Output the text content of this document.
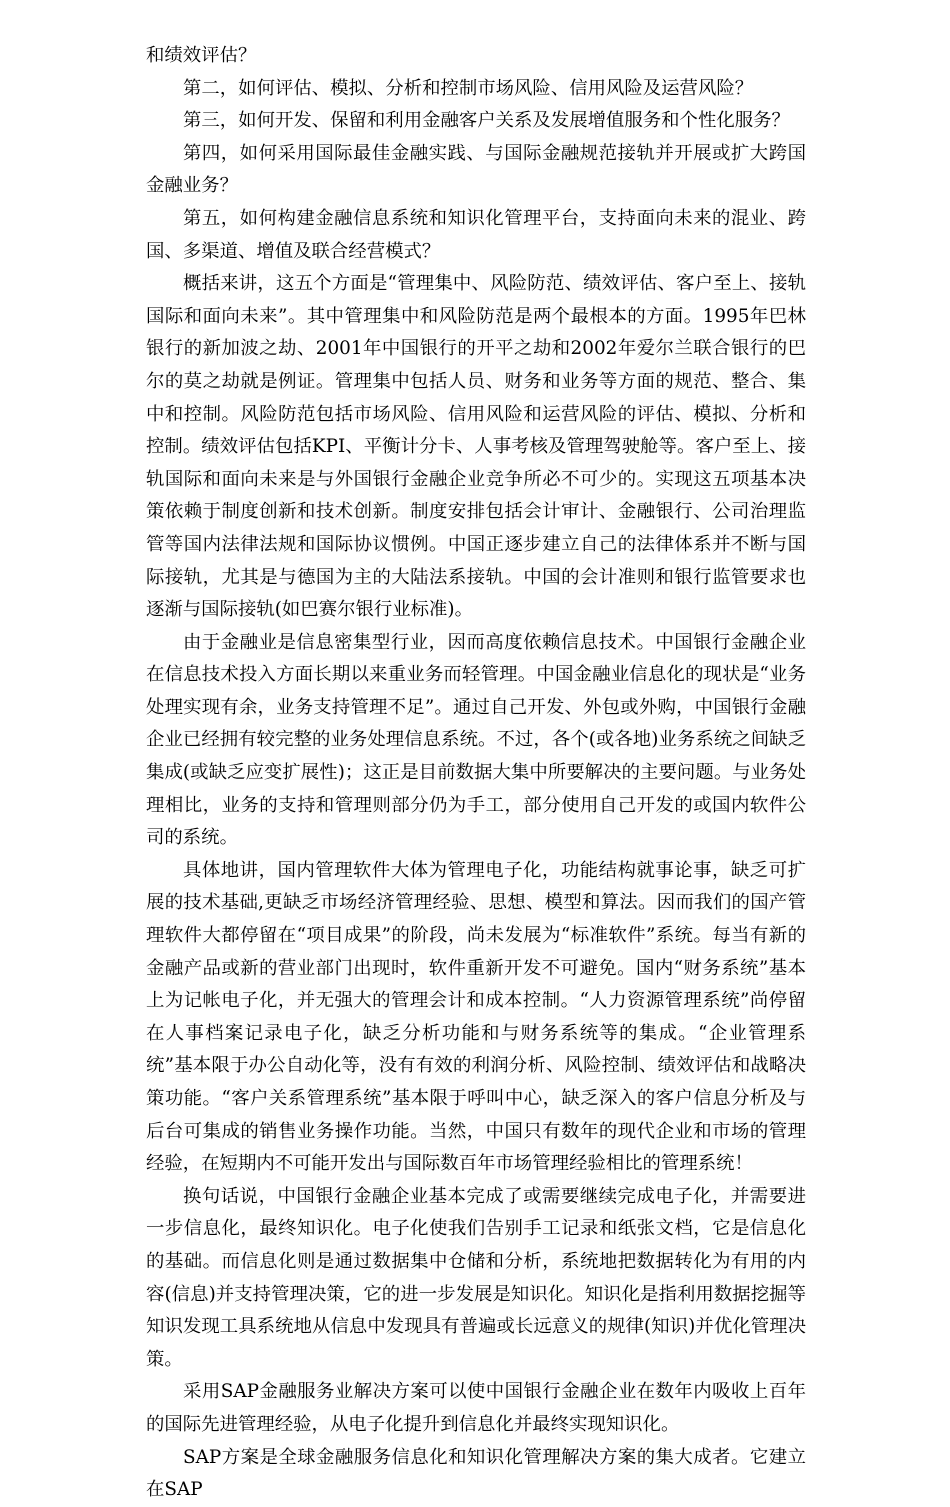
和绩效评估？

第二，如何评估、模拟、分析和控制市场风险、信用风险及运营风险？

第三，如何开发、保留和利用金融客户关系及发展增值服务和个性化服务？

第四，如何采用国际最佳金融实践、与国际金融规范接轨并开展或扩大跨国金融业务？

第五，如何构建金融信息系统和知识化管理平台，支持面向未来的混业、跨国、多渠道、增值及联合经营模式？

概括来讲，这五个方面是“管理集中、风险防范、绩效评估、客户至上、接轨国际和面向未来”。其中管理集中和风险防范是两个最根本的方面。1995年巴林银行的新加波之劫、2001年中国银行的开平之劫和2002年爱尔兰联合银行的巴尔的莫之劫就是例证。管理集中包括人员、财务和业务等方面的规范、整合、集中和控制。风险防范包括市场风险、信用风险和运营风险的评估、模拟、分析和控制。绩效评估包括KPI、平衡计分卡、人事考核及管理驾驶舱等。客户至上、接轨国际和面向未来是与外国银行金融企业竞争所必不可少的。实现这五项基本决策依赖于制度创新和技术创新。制度安排包括会计审计、金融银行、公司治理监管等国内法律法规和国际协议惯例。中国正逐步建立自己的法律体系并不断与国际接轨，尤其是与德国为主的大陆法系接轨。中国的会计准则和银行监管要求也逐渐与国际接轨(如巴赛尔银行业标准)。

由于金融业是信息密集型行业，因而高度依赖信息技术。中国银行金融企业在信息技术投入方面长期以来重业务而轻管理。中国金融业信息化的现状是“业务处理实现有余，业务支持管理不足”。通过自己开发、外包或外购，中国银行金融企业已经拥有较完整的业务处理信息系统。不过，各个(或各地)业务系统之间缺乏集成(或缺乏应变扩展性)；这正是目前数据大集中所要解决的主要问题。与业务处理相比，业务的支持和管理则部分仍为手工，部分使用自己开发的或国内软件公司的系统。

具体地讲，国内管理软件大体为管理电子化，功能结构就事论事，缺乏可扩展的技术基础,更缺乏市场经济管理经验、思想、模型和算法。因而我们的国产管理软件大都停留在“项目成果”的阶段，尚未发展为“标准软件”系统。每当有新的金融产品或新的营业部门出现时，软件重新开发不可避免。国内“财务系统”基本上为记帐电子化，并无强大的管理会计和成本控制。“人力资源管理系统”尚停留在人事档案记录电子化，缺乏分析功能和与财务系统等的集成。“企业管理系统”基本限于办公自动化等，没有有效的利润分析、风险控制、绩效评估和战略决策功能。“客户关系管理系统”基本限于呼叫中心，缺乏深入的客户信息分析及与后台可集成的销售业务操作功能。当然，中国只有数年的现代企业和市场的管理经验，在短期内不可能开发出与国际数百年市场管理经验相比的管理系统！

换句话说，中国银行金融企业基本完成了或需要继续完成电子化，并需要进一步信息化，最终知识化。电子化使我们告别手工记录和纸张文档，它是信息化的基础。而信息化则是通过数据集中仓储和分析，系统地把数据转化为有用的内容(信息)并支持管理决策，它的进一步发展是知识化。知识化是指利用数据挖掘等知识发现工具系统地从信息中发现具有普遍或长远意义的规律(知识)并优化管理决策。

采用SAP金融服务业解决方案可以使中国银行金融企业在数年内吸收上百年的国际先进管理经验，从电子化提升到信息化并最终实现知识化。

SAP方案是全球金融服务信息化和知识化管理解决方案的集大成者。它建立在SAP
